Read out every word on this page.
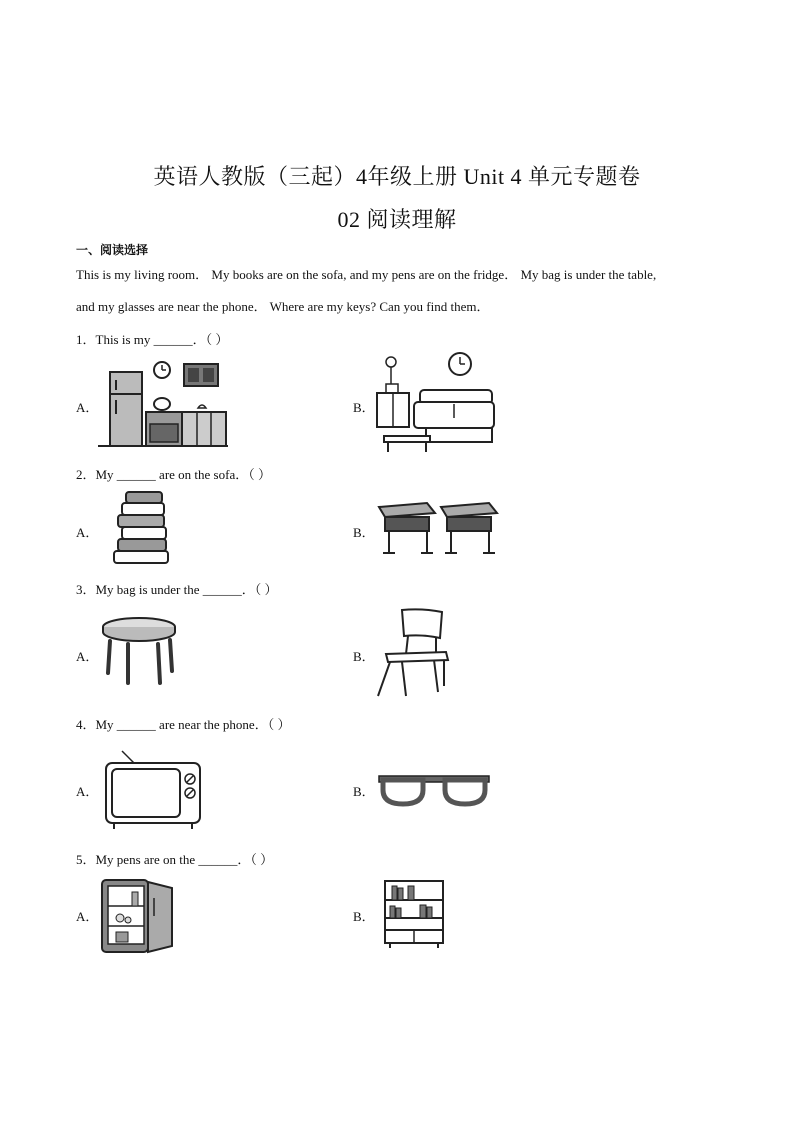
英语人教版（三起）4年级上册 Unit 4 单元专题卷
02 阅读理解
一、阅读选择
This is my living room． My books are on the sofa, and my pens are on the fridge． My bag is under the table,
and my glasses are near the phone． Where are my keys? Can you find them．
1．This is my ______．（ ）
A．	B．
2．My ______ are on the sofa．（ ）
A．	B．
3．My bag is under the ______．（ ）
A．	B．
4．My ______ are near the phone．（ ）
A．	B．
5．My pens are on the ______．（ ）
A．	B．
